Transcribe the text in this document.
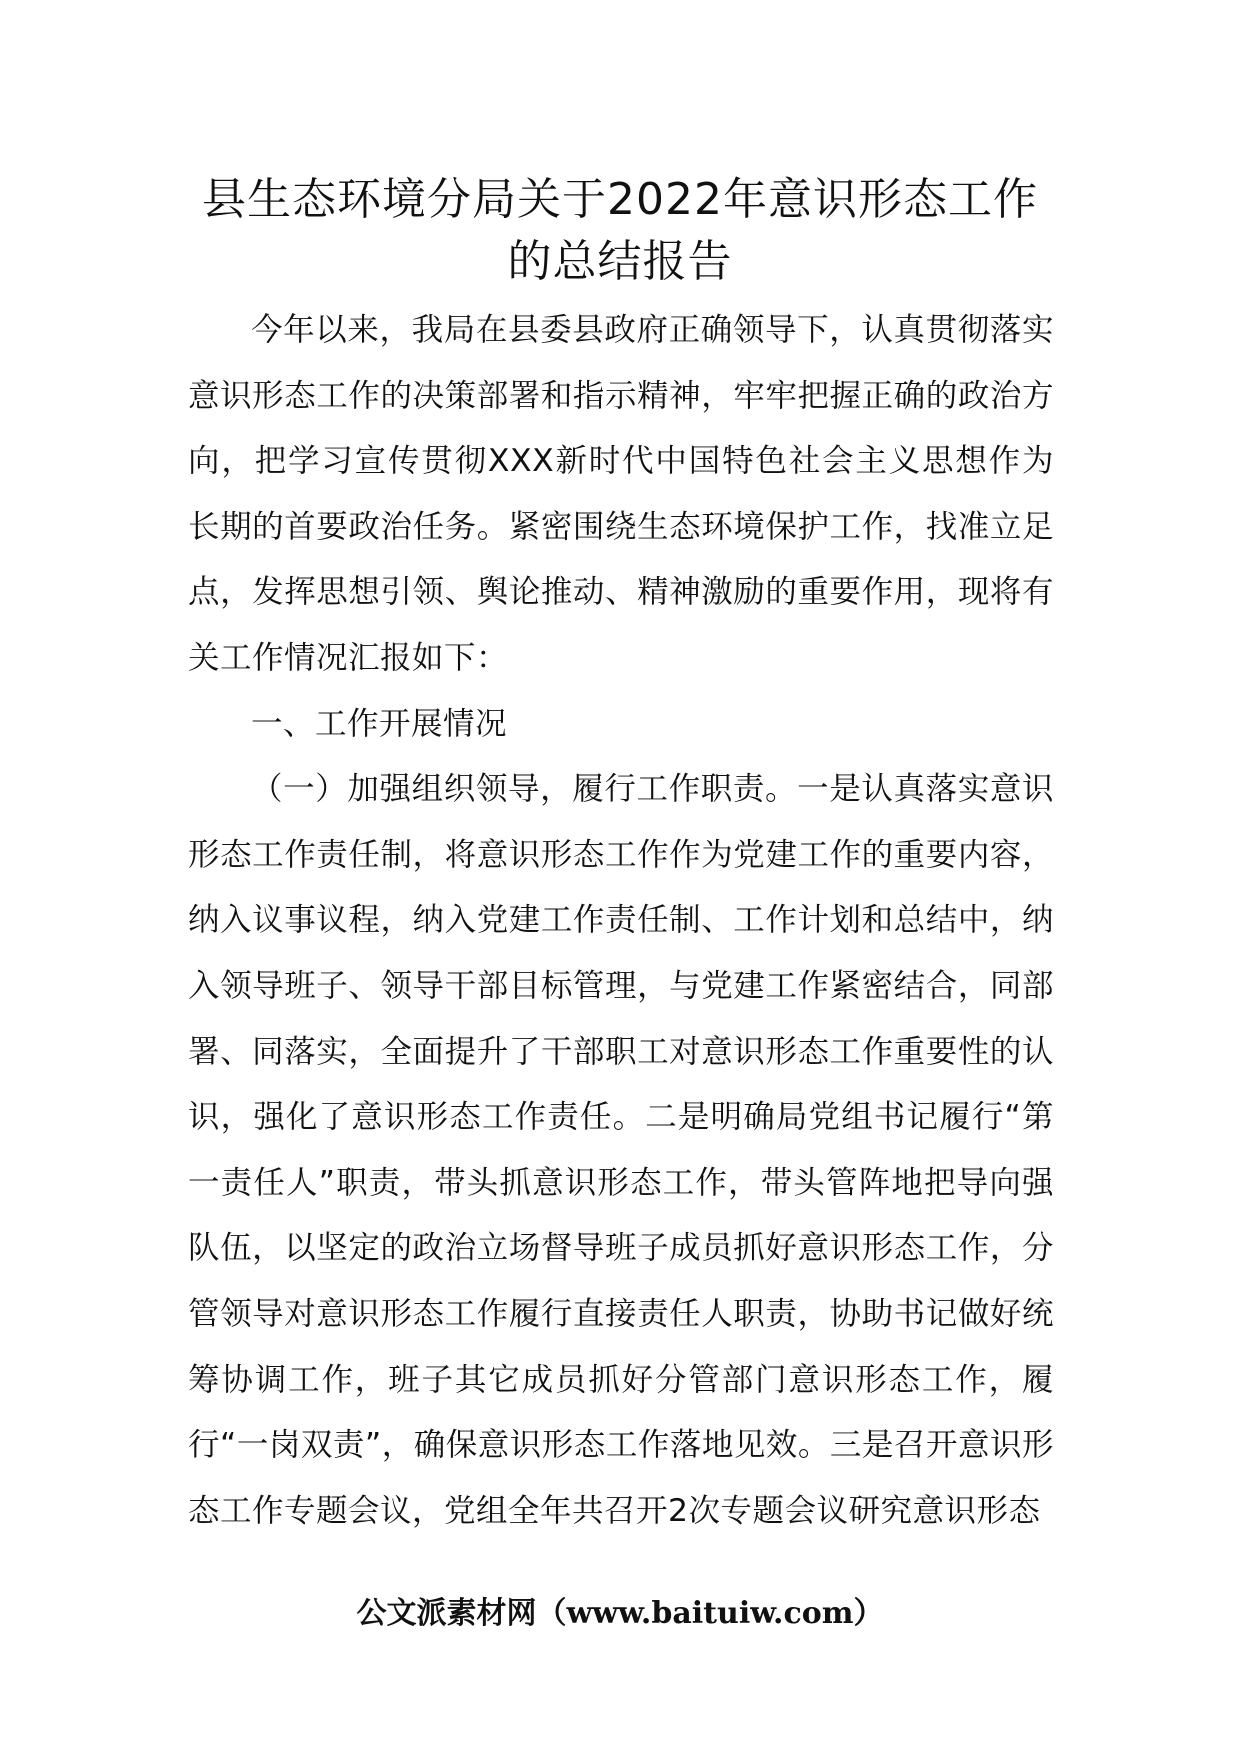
县生态环境分局关于2022年意识形态工作
的总结报告

今年以来，我局在县委县政府正确领导下，认真贯彻落实意识形态工作的决策部署和指示精神，牢牢把握正确的政治方向，把学习宣传贯彻XXX新时代中国特色社会主义思想作为长期的首要政治任务。紧密围绕生态环境保护工作，找准立足点，发挥思想引领、舆论推动、精神激励的重要作用，现将有关工作情况汇报如下：

一、工作开展情况

（一）加强组织领导，履行工作职责。一是认真落实意识形态工作责任制，将意识形态工作作为党建工作的重要内容，纳入议事议程，纳入党建工作责任制、工作计划和总结中，纳入领导班子、领导干部目标管理，与党建工作紧密结合，同部署、同落实，全面提升了干部职工对意识形态工作重要性的认识，强化了意识形态工作责任。二是明确局党组书记履行“第一责任人”职责，带头抓意识形态工作，带头管阵地把导向强队伍，以坚定的政治立场督导班子成员抓好意识形态工作，分管领导对意识形态工作履行直接责任人职责，协助书记做好统筹协调工作，班子其它成员抓好分管部门意识形态工作，履行“一岗双责”，确保意识形态工作落地见效。三是召开意识形态工作专题会议，党组全年共召开2次专题会议研究意识形态

公文派素材网（www.baituiw.com）
